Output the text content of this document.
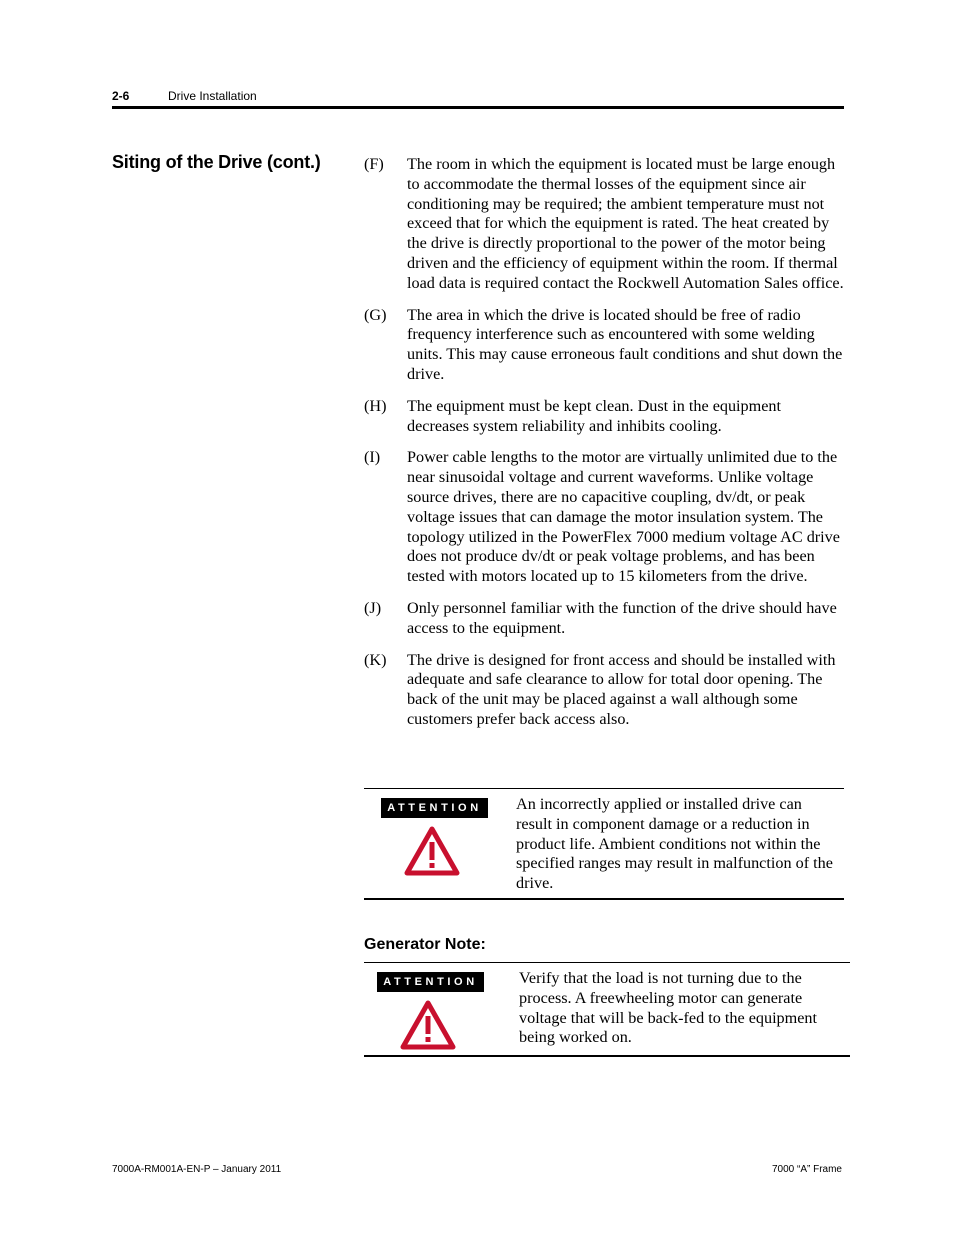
2-6	Drive Installation
Siting of the Drive (cont.)	(F)	The room in which the equipment is located must be large enough to accommodate the thermal losses of the equipment since air conditioning may be required; the ambient temperature must not exceed that for which the equipment is rated. The heat created by the drive is directly proportional to the power of the motor being driven and the efficiency of equipment within the room. If thermal load data is required contact the Rockwell Automation Sales office.
(G)	The area in which the drive is located should be free of radio frequency interference such as encountered with some welding units. This may cause erroneous fault conditions and shut down the drive.
(H)	The equipment must be kept clean. Dust in the equipment decreases system reliability and inhibits cooling.
(I)	Power cable lengths to the motor are virtually unlimited due to the near sinusoidal voltage and current waveforms. Unlike voltage source drives, there are no capacitive coupling, dv/dt, or peak voltage issues that can damage the motor insulation system. The topology utilized in the PowerFlex 7000 medium voltage AC drive does not produce dv/dt or peak voltage problems, and has been tested with motors located up to 15 kilometers from the drive.
(J)	Only personnel familiar with the function of the drive should have access to the equipment.
(K)	The drive is designed for front access and should be installed with adequate and safe clearance to allow for total door opening. The back of the unit may be placed against a wall although some customers prefer back access also.
ATTENTION	An incorrectly applied or installed drive can result in component damage or a reduction in product life. Ambient conditions not within the specified ranges may result in malfunction of the drive.
Generator Note:
ATTENTION	Verify that the load is not turning due to the process. A freewheeling motor can generate voltage that will be back-fed to the equipment being worked on.
7000A-RM001A-EN-P – January 2011	7000 “A” Frame
